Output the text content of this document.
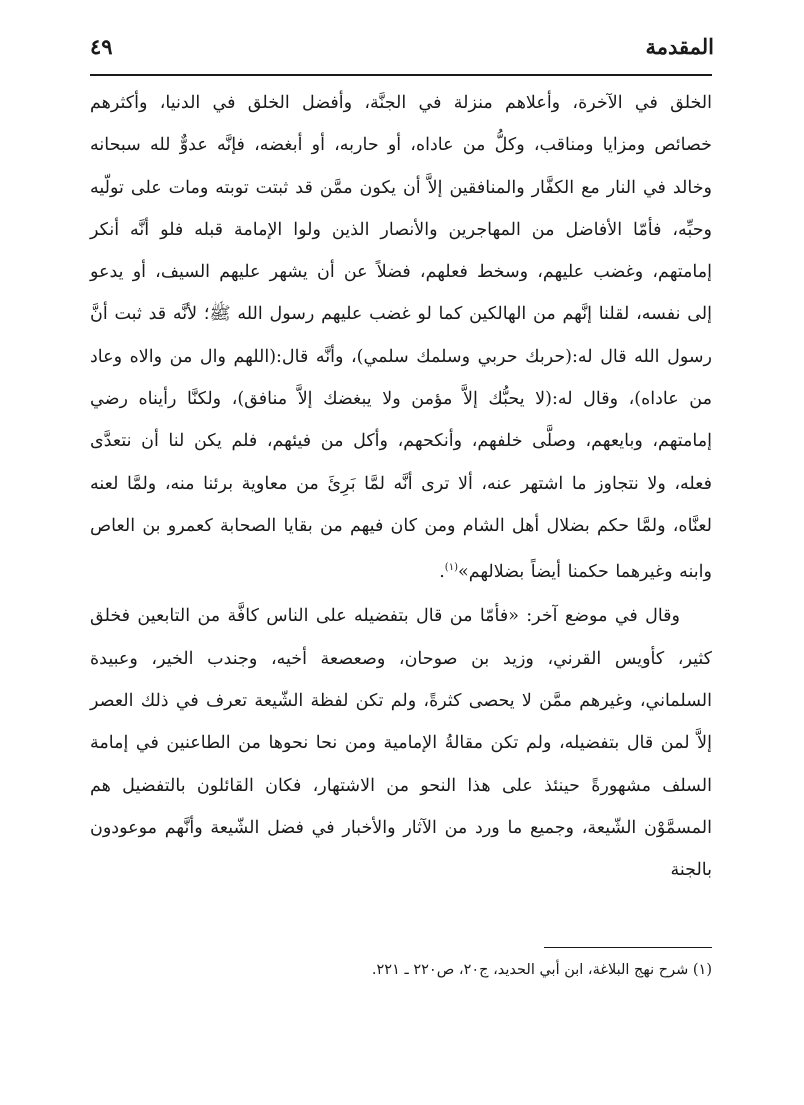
المقدمة
٤٩

الخلق في الآخرة، وأعلاهم منزلة في الجنَّة، وأفضل الخلق في الدنيا، وأكثرهم خصائص ومزايا ومناقب، وكلُّ من عاداه، أو حاربه، أو أبغضه، فإنَّه عدوٌّ لله سبحانه وخالد في النار مع الكفَّار والمنافقين إلاَّ أن يكون ممَّن قد ثبتت توبته ومات على تولّيه وحبِّه، فأمّا الأفاضل من المهاجرين والأنصار الذين ولوا الإمامة قبله فلو أنَّه أنكر إمامتهم، وغضب عليهم، وسخط فعلهم، فضلاً عن أن يشهر عليهم السيف، أو يدعو إلى نفسه، لقلنا إنَّهم من الهالكين كما لو غضب عليهم رسول الله ﷺ؛ لأنَّه قد ثبت أنَّ رسول الله قال له:(حربك حربي وسلمك سلمي)، وأنَّه قال:(اللهم وال من والاه وعاد من عاداه)، وقال له:(لا يحبُّك إلاَّ مؤمن ولا يبغضك إلاَّ منافق)، ولكنَّا رأيناه رضي إمامتهم، وبايعهم، وصلَّى خلفهم، وأنكحهم، وأكل من فيئهم، فلم يكن لنا أن نتعدَّى فعله، ولا نتجاوز ما اشتهر عنه، ألا ترى أنَّه لمَّا بَرِئَ من معاوية برئنا منه، ولمَّا لعنه لعنَّاه، ولمَّا حكم بضلال أهل الشام ومن كان فيهم من بقايا الصحابة كعمرو بن العاص وابنه وغيرهما حكمنا أيضاً بضلالهم»$^{(١)}$.

وقال في موضع آخر: «فأمّا من قال بتفضيله على الناس كافَّة من التابعين فخلق كثير، كأويس القرني، وزيد بن صوحان، وصعصعة أخيه، وجندب الخير، وعبيدة السلماني، وغيرهم ممَّن لا يحصى كثرةً، ولم تكن لفظة الشّيعة تعرف في ذلك العصر إلاَّ لمن قال بتفضيله، ولم تكن مقالةُ الإمامية ومن نحا نحوها من الطاعنين في إمامة السلف مشهورةً حينئذ على هذا النحو من الاشتهار، فكان القائلون بالتفضيل هم المسمَّوْن الشّيعة، وجميع ما ورد من الآثار والأخبار في فضل الشّيعة وأنَّهم موعودون بالجنة

(١) شرح نهج البلاغة، ابن أبي الحديد، ج٢٠، ص٢٢٠ ـ ٢٢١.
